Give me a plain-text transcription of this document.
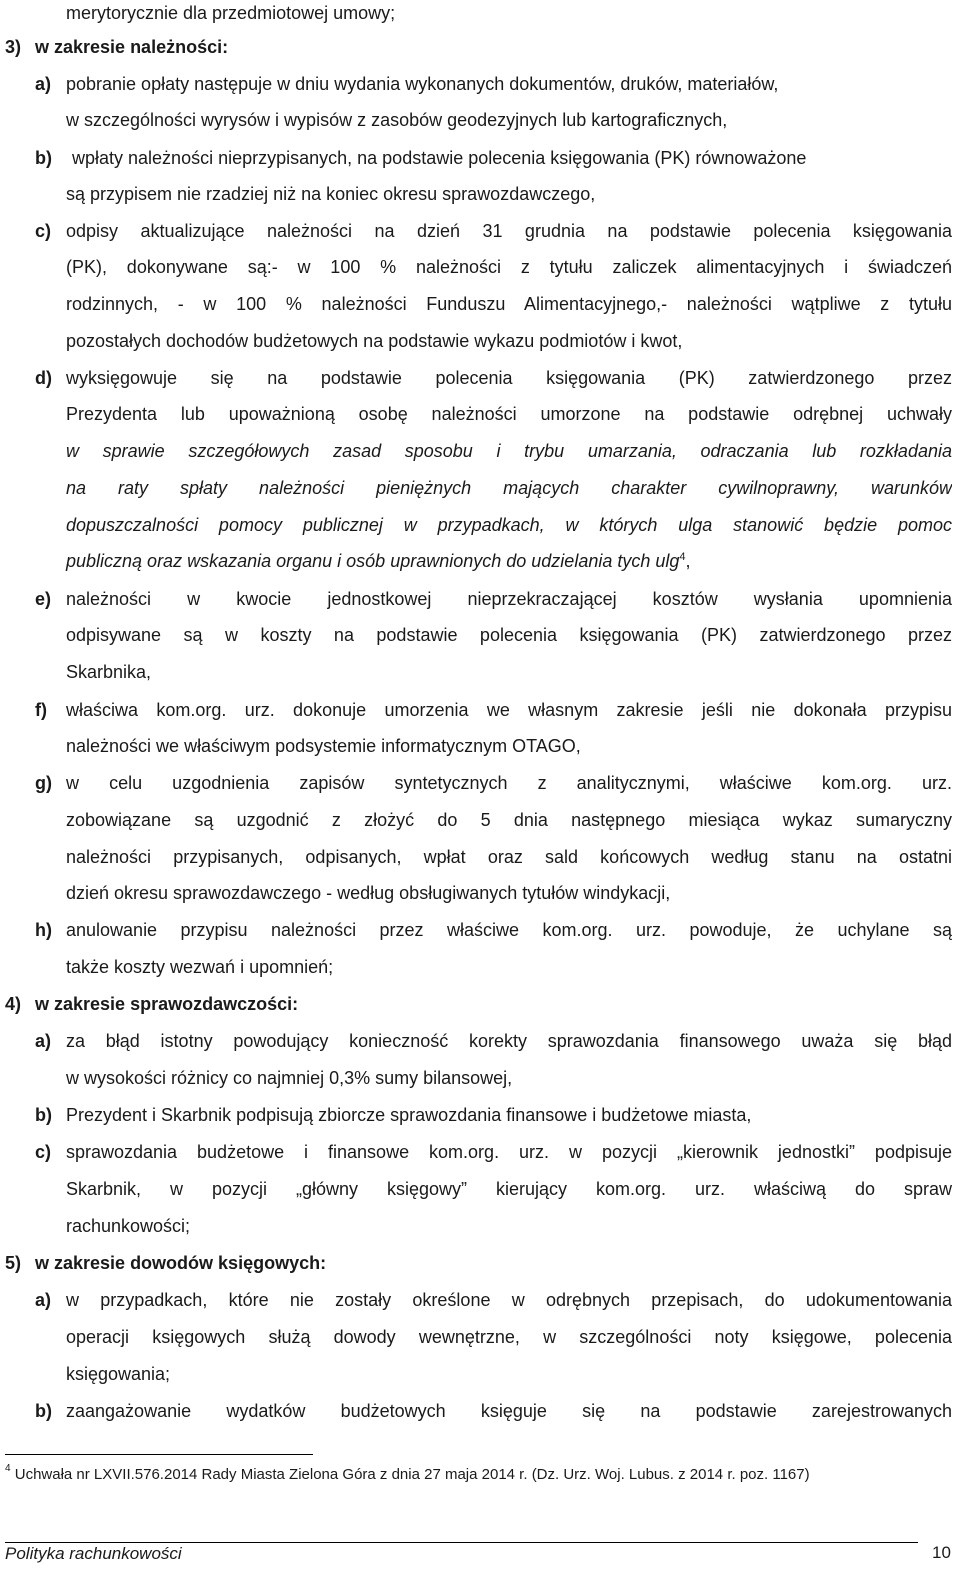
merytorycznie dla przedmiotowej umowy;
3) w zakresie należności:
a) pobranie opłaty następuje w dniu wydania wykonanych dokumentów, druków, materiałów,
w szczególności wyrysów i wypisów z zasobów geodezyjnych lub kartograficznych,
b) wpłaty należności nieprzypisanych, na podstawie polecenia księgowania (PK) równoważone
są przypisem nie rzadziej niż na koniec okresu sprawozdawczego,
c) odpisy aktualizujące należności na dzień 31 grudnia na podstawie polecenia księgowania
(PK), dokonywane są:- w 100 % należności z tytułu zaliczek alimentacyjnych i świadczeń
rodzinnych, - w 100 % należności Funduszu Alimentacyjnego,- należności wątpliwe z tytułu
pozostałych dochodów budżetowych na podstawie wykazu podmiotów i kwot,
d) wyksięgowuje się na podstawie polecenia księgowania (PK) zatwierdzonego przez
Prezydenta lub upoważnioną osobę należności umorzone na podstawie odrębnej uchwały
w sprawie szczegółowych zasad sposobu i trybu umarzania, odraczania lub rozkładania
na raty spłaty należności pieniężnych mających charakter cywilnoprawny, warunków
dopuszczalności pomocy publicznej w przypadkach, w których ulga stanowić będzie pomoc
publiczną oraz wskazania organu i osób uprawnionych do udzielania tych ulg$^4$,
e) należności w kwocie jednostkowej nieprzekraczającej kosztów wysłania upomnienia
odpisywane są w koszty na podstawie polecenia księgowania (PK) zatwierdzonego przez
Skarbnika,
f) właściwa kom.org. urz. dokonuje umorzenia we własnym zakresie jeśli nie dokonała przypisu
należności we właściwym podsystemie informatycznym OTAGO,
g) w celu uzgodnienia zapisów syntetycznych z analitycznymi, właściwe kom.org. urz.
zobowiązane są uzgodnić z złożyć do 5 dnia następnego miesiąca wykaz sumaryczny
należności przypisanych, odpisanych, wpłat oraz sald końcowych według stanu na ostatni
dzień okresu sprawozdawczego - według obsługiwanych tytułów windykacji,
h) anulowanie przypisu należności przez właściwe kom.org. urz. powoduje, że uchylane są
także koszty wezwań i upomnień;
4) w zakresie sprawozdawczości:
a) za błąd istotny powodujący konieczność korekty sprawozdania finansowego uważa się błąd
w wysokości różnicy co najmniej 0,3% sumy bilansowej,
b) Prezydent i Skarbnik podpisują zbiorcze sprawozdania finansowe i budżetowe miasta,
c) sprawozdania budżetowe i finansowe kom.org. urz. w pozycji „kierownik jednostki” podpisuje
Skarbnik, w pozycji „główny księgowy” kierujący kom.org. urz. właściwą do spraw
rachunkowości;
5) w zakresie dowodów księgowych:
a) w przypadkach, które nie zostały określone w odrębnych przepisach, do udokumentowania
operacji księgowych służą dowody wewnętrzne, w szczególności noty księgowe, polecenia
księgowania;
b) zaangażowanie wydatków budżetowych księguje się na podstawie zarejestrowanych
$^4$ Uchwała nr LXVII.576.2014 Rady Miasta Zielona Góra z dnia 27 maja 2014 r. (Dz. Urz. Woj. Lubus. z 2014 r. poz. 1167)
Polityka rachunkowości	10
